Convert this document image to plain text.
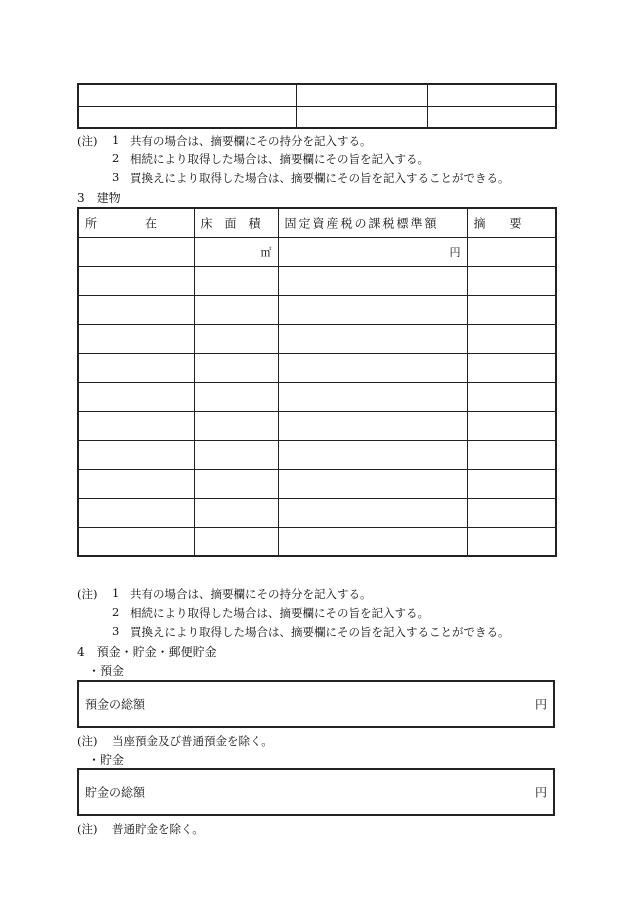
(注) 1 共有の場合は、摘要欄にその持分を記入する。
2 相続により取得した場合は、摘要欄にその旨を記入する。
3 買換えにより取得した場合は、摘要欄にその旨を記入することができる。
3　建物
所　　　　在	床　面　積	固定資産税の課税標準額	摘　　要

	㎡	円	

(注) 1 共有の場合は、摘要欄にその持分を記入する。
2 相続により取得した場合は、摘要欄にその旨を記入する。
3 買換えにより取得した場合は、摘要欄にその旨を記入することができる。
4　預金・貯金・郵便貯金
・預金
預金の総額	円
(注) 当座預金及び普通預金を除く。
・貯金
貯金の総額	円
(注) 普通貯金を除く。
